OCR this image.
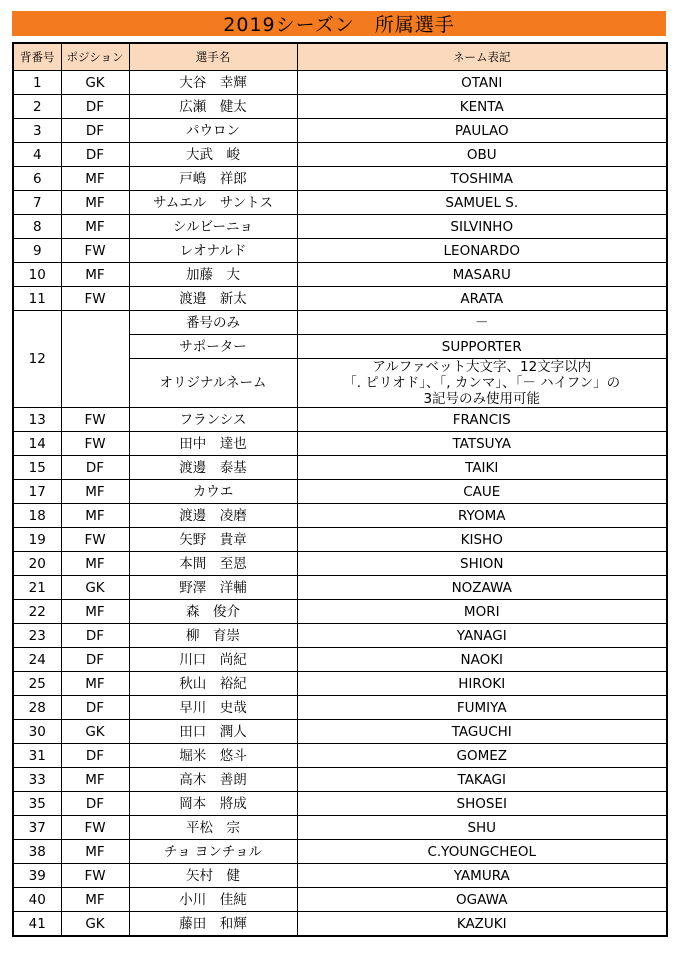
2019シーズン　所属選手
背番号	ポジション	選手名	ネーム表記
1	GK	大谷　幸輝	OTANI
2	DF	広瀬　健太	KENTA
3	DF	パウロン	PAULAO
4	DF	大武　峻	OBU
6	MF	戸嶋　祥郎	TOSHIMA
7	MF	サムエル　サントス	SAMUEL S.
8	MF	シルビーニョ	SILVINHO
9	FW	レオナルド	LEONARDO
10	MF	加藤　大	MASARU
11	FW	渡邉　新太	ARATA
12		番号のみ	－
		サポーター	SUPPORTER
		オリジナルネーム	アルファベット大文字、12文字以内
「. ピリオド」、「, カンマ」、「－ ハイフン」の
3記号のみ使用可能

13	FW	フランシス	FRANCIS
14	FW	田中　達也	TATSUYA
15	DF	渡邊　泰基	TAIKI
17	MF	カウエ	CAUE
18	MF	渡邊　凌磨	RYOMA
19	FW	矢野　貴章	KISHO
20	MF	本間　至恩	SHION
21	GK	野澤　洋輔	NOZAWA
22	MF	森　俊介	MORI
23	DF	柳　育崇	YANAGI
24	DF	川口　尚紀	NAOKI
25	MF	秋山　裕紀	HIROKI
28	DF	早川　史哉	FUMIYA
30	GK	田口　潤人	TAGUCHI
31	DF	堀米　悠斗	GOMEZ
33	MF	高木　善朗	TAKAGI
35	DF	岡本　將成	SHOSEI
37	FW	平松　宗	SHU
38	MF	チョ ヨンチョル	C.YOUNGCHEOL
39	FW	矢村　健	YAMURA
40	MF	小川　佳純	OGAWA
41	GK	藤田　和輝	KAZUKI
